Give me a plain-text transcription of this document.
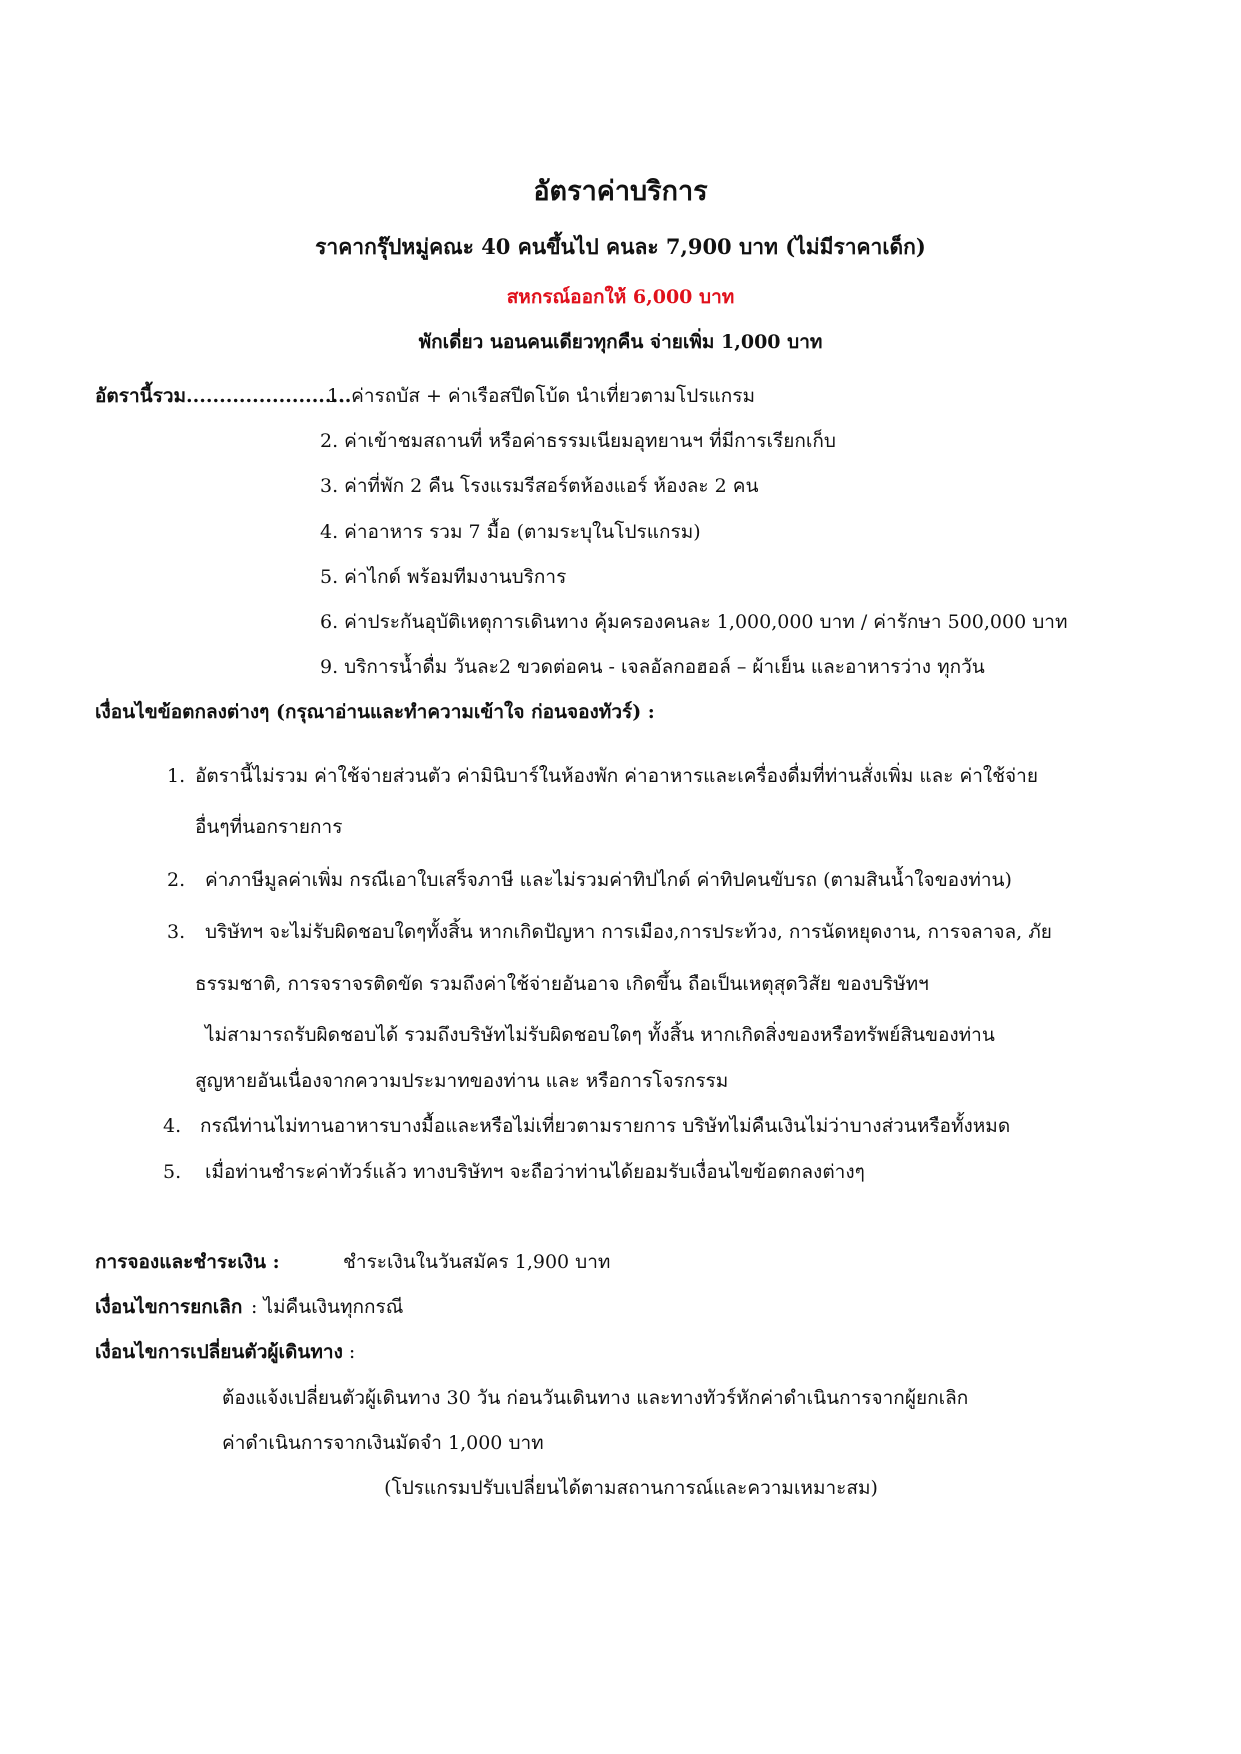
อัตราค่าบริการ
ราคากรุ๊ปหมู่คณะ 40 คนขึ้นไป คนละ 7,900 บาท (ไม่มีราคาเด็ก)
สหกรณ์ออกให้ 6,000 บาท
พักเดี่ยว นอนคนเดียวทุกคืน จ่ายเพิ่ม 1,000 บาท
อัตรานี้รวม.........................
1. ค่ารถบัส + ค่าเรือสปีดโบ้ด นำเที่ยวตามโปรแกรม
2. ค่าเข้าชมสถานที่ หรือค่าธรรมเนียมอุทยานฯ ที่มีการเรียกเก็บ
3. ค่าที่พัก 2 คืน โรงแรมรีสอร์ตห้องแอร์ ห้องละ 2 คน
4. ค่าอาหาร รวม 7 มื้อ (ตามระบุในโปรแกรม)
5. ค่าไกด์ พร้อมทีมงานบริการ
6. ค่าประกันอุบัติเหตุการเดินทาง คุ้มครองคนละ 1,000,000 บาท / ค่ารักษา 500,000 บาท
9. บริการน้ำดื่ม วันละ2 ขวดต่อคน - เจลอัลกอฮอล์ – ผ้าเย็น และอาหารว่าง ทุกวัน
เงื่อนไขข้อตกลงต่างๆ (กรุณาอ่านและทำความเข้าใจ ก่อนจองทัวร์) :
1. อัตรานี้ไม่รวม ค่าใช้จ่ายส่วนตัว ค่ามินิบาร์ในห้องพัก ค่าอาหารและเครื่องดื่มที่ท่านสั่งเพิ่ม และ ค่าใช้จ่าย
อื่นๆที่นอกรายการ
2. ค่าภาษีมูลค่าเพิ่ม กรณีเอาใบเสร็จภาษี และไม่รวมค่าทิปไกด์ ค่าทิปคนขับรถ (ตามสินน้ำใจของท่าน)
3. บริษัทฯ จะไม่รับผิดชอบใดๆทั้งสิ้น หากเกิดปัญหา การเมือง,การประท้วง, การนัดหยุดงาน, การจลาจล, ภัย
ธรรมชาติ, การจราจรติดขัด รวมถึงค่าใช้จ่ายอันอาจ เกิดขึ้น ถือเป็นเหตุสุดวิสัย ของบริษัทฯ
ไม่สามารถรับผิดชอบได้ รวมถึงบริษัทไม่รับผิดชอบใดๆ ทั้งสิ้น หากเกิดสิ่งของหรือทรัพย์สินของท่าน
สูญหายอันเนื่องจากความประมาทของท่าน และ หรือการโจรกรรม
4. กรณีท่านไม่ทานอาหารบางมื้อและหรือไม่เที่ยวตามรายการ บริษัทไม่คืนเงินไม่ว่าบางส่วนหรือทั้งหมด
5. เมื่อท่านชำระค่าทัวร์แล้ว ทางบริษัทฯ จะถือว่าท่านได้ยอมรับเงื่อนไขข้อตกลงต่างๆ
การจองและชำระเงิน :	ชำระเงินในวันสมัคร 1,900 บาท
เงื่อนไขการยกเลิก : ไม่คืนเงินทุกกรณี
เงื่อนไขการเปลี่ยนตัวผู้เดินทาง :
ต้องแจ้งเปลี่ยนตัวผู้เดินทาง 30 วัน ก่อนวันเดินทาง และทางทัวร์หักค่าดำเนินการจากผู้ยกเลิก
ค่าดำเนินการจากเงินมัดจำ 1,000 บาท
(โปรแกรมปรับเปลี่ยนได้ตามสถานการณ์และความเหมาะสม)
